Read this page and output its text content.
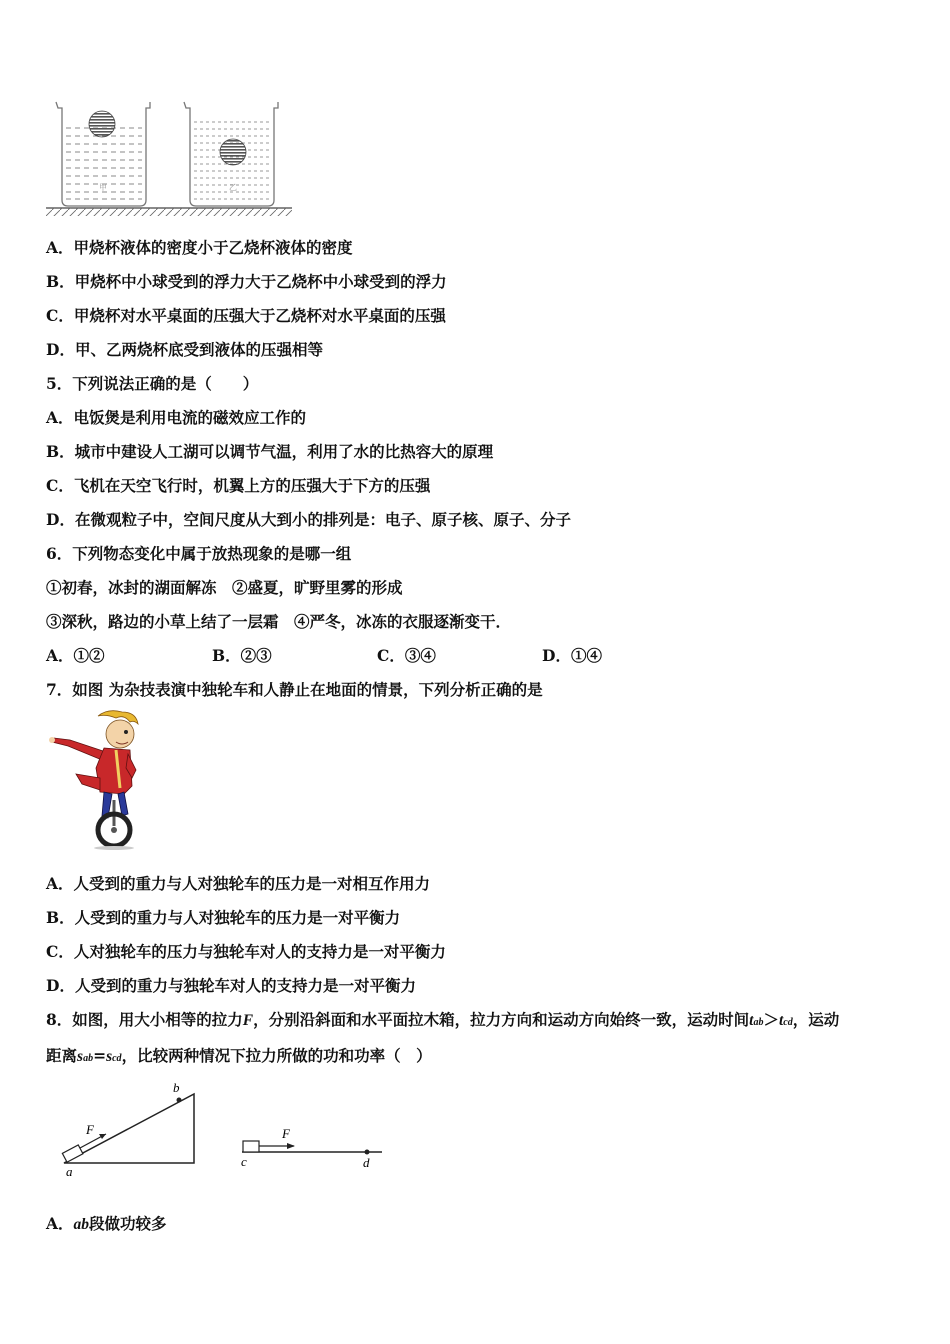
甲	乙
A．甲烧杯液体的密度小于乙烧杯液体的密度
B．甲烧杯中小球受到的浮力大于乙烧杯中小球受到的浮力
C．甲烧杯对水平桌面的压强大于乙烧杯对水平桌面的压强
D．甲、乙两烧杯底受到液体的压强相等
5．下列说法正确的是（　　）
A．电饭煲是利用电流的磁效应工作的
B．城市中建设人工湖可以调节气温，利用了水的比热容大的原理
C．飞机在天空飞行时，机翼上方的压强大于下方的压强
D．在微观粒子中，空间尺度从大到小的排列是：电子、原子核、原子、分子
6．下列物态变化中属于放热现象的是哪一组
①初春，冰封的湖面解冻　②盛夏，旷野里雾的形成
③深秋，路边的小草上结了一层霜　④严冬，冰冻的衣服逐渐变干．
A．①②	B．②③	C．③④	D．①④
7．如图 为杂技表演中独轮车和人静止在地面的情景，下列分析正确的是
A．人受到的重力与人对独轮车的压力是一对相互作用力
B．人受到的重力与人对独轮车的压力是一对平衡力
C．人对独轮车的压力与独轮车对人的支持力是一对平衡力
D．人受到的重力与独轮车对人的支持力是一对平衡力
8．如图，用大小相等的拉力F，分别沿斜面和水平面拉木箱，拉力方向和运动方向始终一致，运动时间tab＞tcd，运动
距离sab=scd，比较两种情况下拉力所做的功和功率（　）
b
F
a
F
c	d
A．ab段做功较多
